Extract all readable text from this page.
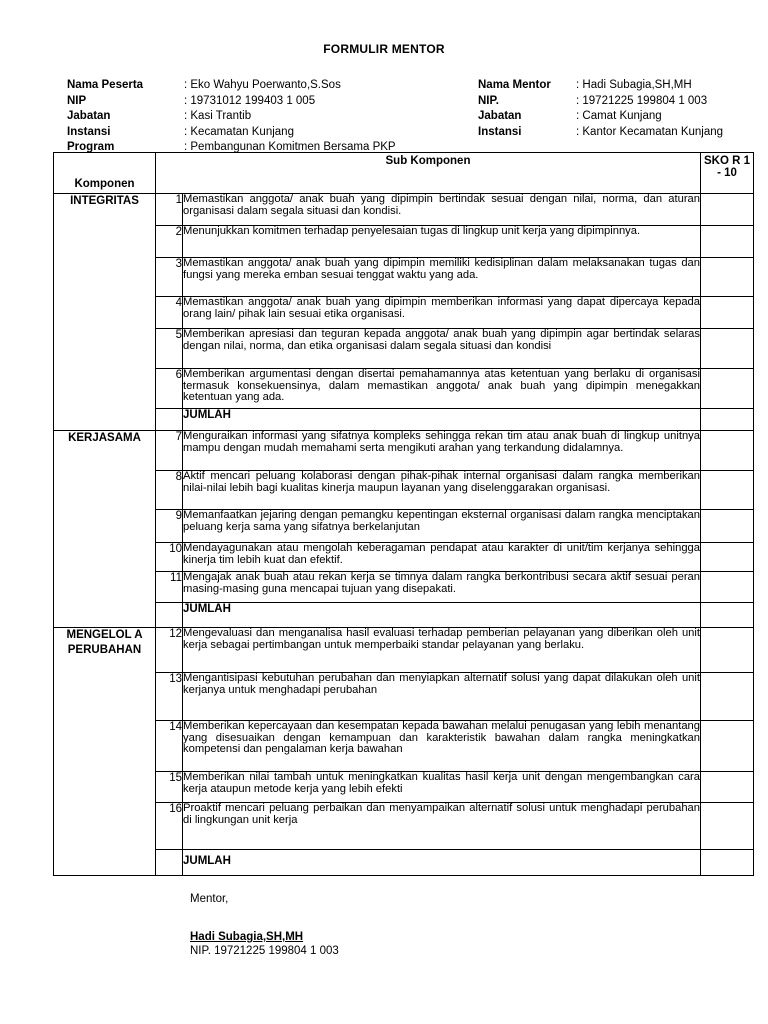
FORMULIR MENTOR
Nama Peserta	: Eko Wahyu Poerwanto,S.Sos
NIP	: 19731012 199403 1 005
Jabatan	: Kasi Trantib
Instansi	: Kecamatan Kunjang
Program	: Pembangunan Komitmen Bersama PKP
Nama Mentor : Hadi Subagia,SH,MH
NIP.	: 19721225 199804 1 003
Jabatan	: Camat Kunjang
Instansi	: Kantor Kecamatan Kunjang
Komponen	Sub Komponen		SKO R 1 - 10
INTEGRITAS	1	Memastikan anggota/ anak buah yang dipimpin bertindak sesuai dengan nilai, norma, dan aturan organisasi dalam segala situasi dan kondisi.	
	2	Menunjukkan komitmen terhadap penyelesaian tugas di lingkup unit kerja yang dipimpinnya.	
	3	Memastikan anggota/ anak buah yang dipimpin memiliki kedisiplinan dalam melaksanakan tugas dan fungsi yang mereka emban sesuai tenggat waktu yang ada.	
	4	Memastikan anggota/ anak buah yang dipimpin memberikan informasi yang dapat dipercaya kepada orang lain/ pihak lain sesuai etika organisasi.	
	5	Memberikan apresiasi dan teguran kepada anggota/ anak buah yang dipimpin agar bertindak selaras dengan nilai, norma, dan etika organisasi dalam segala situasi dan kondisi	
	6	Memberikan argumentasi dengan disertai pemahamannya atas ketentuan yang berlaku di organisasi termasuk konsekuensinya, dalam memastikan anggota/ anak buah yang dipimpin menegakkan ketentuan yang ada.	
		JUMLAH	
KERJASAMA	7	Menguraikan informasi yang sifatnya kompleks sehingga rekan tim atau anak buah di lingkup unitnya mampu dengan mudah memahami serta mengikuti arahan yang terkandung didalamnya.	
	8	Aktif mencari peluang kolaborasi dengan pihak-pihak internal organisasi dalam rangka memberikan nilai-nilai lebih bagi kualitas kinerja maupun layanan yang diselenggarakan organisasi.	
	9	Memanfaatkan jejaring dengan pemangku kepentingan eksternal organisasi dalam rangka menciptakan peluang kerja sama yang sifatnya berkelanjutan	
	10	Mendayagunakan atau mengolah keberagaman pendapat atau karakter di unit/tim kerjanya sehingga kinerja tim lebih kuat dan efektif.	
	11	Mengajak anak buah atau rekan kerja se timnya dalam rangka berkontribusi secara aktif sesuai peran masing-masing guna mencapai tujuan yang disepakati.	
		JUMLAH	
MENGELOL A PERUBAHAN	12	Mengevaluasi dan menganalisa hasil evaluasi terhadap pemberian pelayanan yang diberikan oleh unit kerja sebagai pertimbangan untuk memperbaiki standar pelayanan yang berlaku.	
	13	Mengantisipasi kebutuhan perubahan dan menyiapkan alternatif solusi yang dapat dilakukan oleh unit kerjanya untuk menghadapi perubahan	
	14	Memberikan kepercayaan dan kesempatan kepada bawahan melalui penugasan yang lebih menantang yang disesuaikan dengan kemampuan dan karakteristik bawahan dalam rangka meningkatkan kompetensi dan pengalaman kerja bawahan	
	15	Memberikan nilai tambah untuk meningkatkan kualitas hasil kerja unit dengan mengembangkan cara kerja ataupun metode kerja yang lebih efekti	
	16	Proaktif mencari peluang perbaikan dan menyampaikan alternatif solusi untuk menghadapi perubahan di lingkungan unit kerja	
		JUMLAH	
Mentor,
Hadi Subagia,SH,MH
NIP. 19721225 199804 1 003
